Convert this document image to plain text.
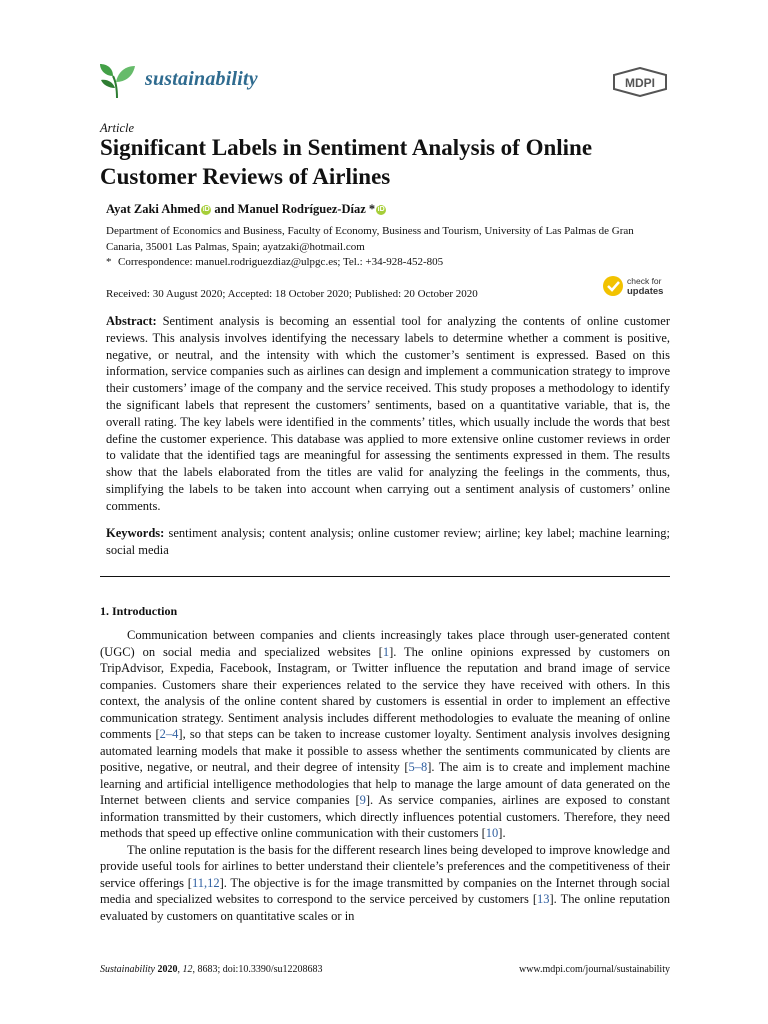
sustainability	MDPI
Article
Significant Labels in Sentiment Analysis of Online Customer Reviews of Airlines
Ayat Zaki Ahmed iD and Manuel Rodríguez-Díaz * iD
Department of Economics and Business, Faculty of Economy, Business and Tourism, University of Las Palmas de Gran Canaria, 35001 Las Palmas, Spain; ayatzaki@hotmail.com
* Correspondence: manuel.rodriguezdiaz@ulpgc.es; Tel.: +34-928-452-805
Received: 30 August 2020; Accepted: 18 October 2020; Published: 20 October 2020
check for
updates

Abstract: Sentiment analysis is becoming an essential tool for analyzing the contents of online customer reviews. This analysis involves identifying the necessary labels to determine whether a comment is positive, negative, or neutral, and the intensity with which the customer’s sentiment is expressed. Based on this information, service companies such as airlines can design and implement a communication strategy to improve their customers’ image of the company and the service received. This study proposes a methodology to identify the significant labels that represent the customers’ sentiments, based on a quantitative variable, that is, the overall rating. The key labels were identified in the comments’ titles, which usually include the words that best define the customer experience. This database was applied to more extensive online customer reviews in order to validate that the identified tags are meaningful for assessing the sentiments expressed in them. The results show that the labels elaborated from the titles are valid for analyzing the feelings in the comments, thus, simplifying the labels to be taken into account when carrying out a sentiment analysis of customers’ online comments.

Keywords: sentiment analysis; content analysis; online customer review; airline; key label; machine learning; social media

1. Introduction

Communication between companies and clients increasingly takes place through user-generated content (UGC) on social media and specialized websites [1]. The online opinions expressed by customers on TripAdvisor, Expedia, Facebook, Instagram, or Twitter influence the reputation and brand image of service companies. Customers share their experiences related to the service they have received with others. In this context, the analysis of the online content shared by customers is essential in order to implement an effective communication strategy. Sentiment analysis includes different methodologies to evaluate the meaning of online comments [2–4], so that steps can be taken to increase customer loyalty. Sentiment analysis involves designing automated learning models that make it possible to assess whether the sentiments communicated by clients are positive, negative, or neutral, and their degree of intensity [5–8]. The aim is to create and implement machine learning and artificial intelligence methodologies that help to manage the large amount of data generated on the Internet between clients and service companies [9]. As service companies, airlines are exposed to constant information transmitted by their customers, which directly influences potential customers. Therefore, they need methods that speed up effective online communication with their customers [10].

The online reputation is the basis for the different research lines being developed to improve knowledge and provide useful tools for airlines to better understand their clientele’s preferences and the competitiveness of their service offerings [11,12]. The objective is for the image transmitted by companies on the Internet through social media and specialized websites to correspond to the service perceived by customers [13]. The online reputation evaluated by customers on quantitative scales or in

Sustainability 2020, 12, 8683; doi:10.3390/su12208683	www.mdpi.com/journal/sustainability
